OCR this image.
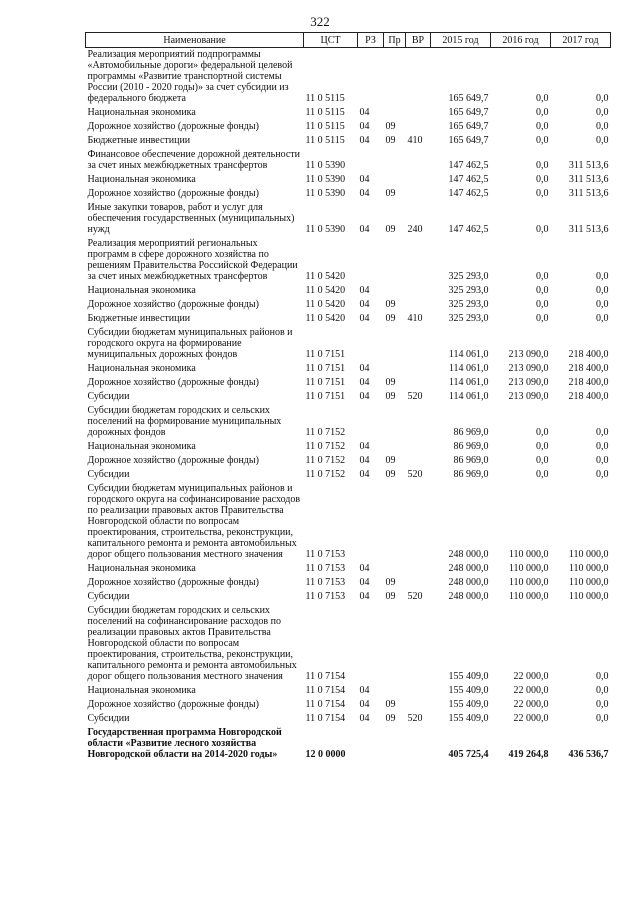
322
Наименование	ЦСТ	РЗ	Пр	ВР	2015 год	2016 год	2017 год
Реализация мероприятий подпрограммы «Автомобильные дороги» федеральной целевой программы «Развитие транспортной системы России (2010 - 2020 годы)» за счет субсидии из федерального бюджета	11 0 5115				165 649,7	0,0	0,0
Национальная экономика	11 0 5115	04			165 649,7	0,0	0,0
Дорожное хозяйство (дорожные фонды)	11 0 5115	04	09		165 649,7	0,0	0,0
Бюджетные инвестиции	11 0 5115	04	09	410	165 649,7	0,0	0,0
Финансовое обеспечение дорожной деятельности за счет иных межбюджетных трансфертов	11 0 5390				147 462,5	0,0	311 513,6
Национальная экономика	11 0 5390	04			147 462,5	0,0	311 513,6
Дорожное хозяйство (дорожные фонды)	11 0 5390	04	09		147 462,5	0,0	311 513,6
Иные закупки товаров, работ и услуг для обеспечения государственных (муниципальных) нужд	11 0 5390	04	09	240	147 462,5	0,0	311 513,6
Реализация мероприятий региональных программ в сфере дорожного хозяйства по решениям Правительства Российской Федерации за счет иных межбюджетных трансфертов	11 0 5420				325 293,0	0,0	0,0
Национальная экономика	11 0 5420	04			325 293,0	0,0	0,0
Дорожное хозяйство (дорожные фонды)	11 0 5420	04	09		325 293,0	0,0	0,0
Бюджетные инвестиции	11 0 5420	04	09	410	325 293,0	0,0	0,0
Субсидии бюджетам муниципальных районов и городского округа на формирование муниципальных дорожных фондов	11 0 7151				114 061,0	213 090,0	218 400,0
Национальная экономика	11 0 7151	04			114 061,0	213 090,0	218 400,0
Дорожное хозяйство (дорожные фонды)	11 0 7151	04	09		114 061,0	213 090,0	218 400,0
Субсидии	11 0 7151	04	09	520	114 061,0	213 090,0	218 400,0
Субсидии бюджетам городских и сельских поселений на формирование муниципальных дорожных фондов	11 0 7152				86 969,0	0,0	0,0
Национальная экономика	11 0 7152	04			86 969,0	0,0	0,0
Дорожное хозяйство (дорожные фонды)	11 0 7152	04	09		86 969,0	0,0	0,0
Субсидии	11 0 7152	04	09	520	86 969,0	0,0	0,0
Субсидии бюджетам муниципальных районов и городского округа на софинансирование расходов по реализации правовых актов Правительства Новгородской области по вопросам проектирования, строительства, реконструкции, капитального ремонта и ремонта автомобильных дорог общего пользования местного значения	11 0 7153				248 000,0	110 000,0	110 000,0
Национальная экономика	11 0 7153	04			248 000,0	110 000,0	110 000,0
Дорожное хозяйство (дорожные фонды)	11 0 7153	04	09		248 000,0	110 000,0	110 000,0
Субсидии	11 0 7153	04	09	520	248 000,0	110 000,0	110 000,0
Субсидии бюджетам городских и сельских поселений на софинансирование расходов по реализации правовых актов Правительства Новгородской области по вопросам проектирования, строительства, реконструкции, капитального ремонта и ремонта автомобильных дорог общего пользования местного значения	11 0 7154				155 409,0	22 000,0	0,0
Национальная экономика	11 0 7154	04			155 409,0	22 000,0	0,0
Дорожное хозяйство (дорожные фонды)	11 0 7154	04	09		155 409,0	22 000,0	0,0
Субсидии	11 0 7154	04	09	520	155 409,0	22 000,0	0,0
Государственная программа Новгородской области «Развитие лесного хозяйства Новгородской области на 2014-2020 годы»	12 0 0000				405 725,4	419 264,8	436 536,7
